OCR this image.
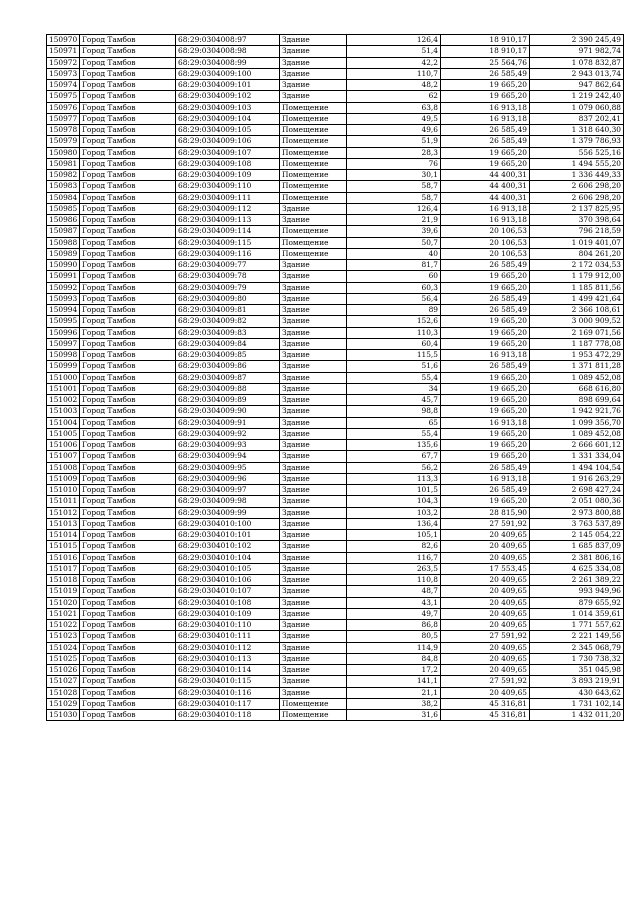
150970	Город Тамбов	68:29:0304008:97	Здание	126,4	18 910,17	2 390 245,49
150971	Город Тамбов	68:29:0304008:98	Здание	51,4	18 910,17	971 982,74
150972	Город Тамбов	68:29:0304008:99	Здание	42,2	25 564,76	1 078 832,87
150973	Город Тамбов	68:29:0304009:100	Здание	110,7	26 585,49	2 943 013,74
150974	Город Тамбов	68:29:0304009:101	Здание	48,2	19 665,20	947 862,64
150975	Город Тамбов	68:29:0304009:102	Здание	62	19 665,20	1 219 242,40
150976	Город Тамбов	68:29:0304009:103	Помещение	63,8	16 913,18	1 079 060,88
150977	Город Тамбов	68:29:0304009:104	Помещение	49,5	16 913,18	837 202,41
150978	Город Тамбов	68:29:0304009:105	Помещение	49,6	26 585,49	1 318 640,30
150979	Город Тамбов	68:29:0304009:106	Помещение	51,9	26 585,49	1 379 786,93
150980	Город Тамбов	68:29:0304009:107	Помещение	28,3	19 665,20	556 525,16
150981	Город Тамбов	68:29:0304009:108	Помещение	76	19 665,20	1 494 555,20
150982	Город Тамбов	68:29:0304009:109	Помещение	30,1	44 400,31	1 336 449,33
150983	Город Тамбов	68:29:0304009:110	Помещение	58,7	44 400,31	2 606 298,20
150984	Город Тамбов	68:29:0304009:111	Помещение	58,7	44 400,31	2 606 298,20
150985	Город Тамбов	68:29:0304009:112	Здание	126,4	16 913,18	2 137 825,95
150986	Город Тамбов	68:29:0304009:113	Здание	21,9	16 913,18	370 398,64
150987	Город Тамбов	68:29:0304009:114	Помещение	39,6	20 106,53	796 218,59
150988	Город Тамбов	68:29:0304009:115	Помещение	50,7	20 106,53	1 019 401,07
150989	Город Тамбов	68:29:0304009:116	Помещение	40	20 106,53	804 261,20
150990	Город Тамбов	68:29:0304009:77	Здание	81,7	26 585,49	2 172 034,53
150991	Город Тамбов	68:29:0304009:78	Здание	60	19 665,20	1 179 912,00
150992	Город Тамбов	68:29:0304009:79	Здание	60,3	19 665,20	1 185 811,56
150993	Город Тамбов	68:29:0304009:80	Здание	56,4	26 585,49	1 499 421,64
150994	Город Тамбов	68:29:0304009:81	Здание	89	26 585,49	2 366 108,61
150995	Город Тамбов	68:29:0304009:82	Здание	152,6	19 665,20	3 000 909,52
150996	Город Тамбов	68:29:0304009:83	Здание	110,3	19 665,20	2 169 071,56
150997	Город Тамбов	68:29:0304009:84	Здание	60,4	19 665,20	1 187 778,08
150998	Город Тамбов	68:29:0304009:85	Здание	115,5	16 913,18	1 953 472,29
150999	Город Тамбов	68:29:0304009:86	Здание	51,6	26 585,49	1 371 811,28
151000	Город Тамбов	68:29:0304009:87	Здание	55,4	19 665,20	1 089 452,08
151001	Город Тамбов	68:29:0304009:88	Здание	34	19 665,20	668 616,80
151002	Город Тамбов	68:29:0304009:89	Здание	45,7	19 665,20	898 699,64
151003	Город Тамбов	68:29:0304009:90	Здание	98,8	19 665,20	1 942 921,76
151004	Город Тамбов	68:29:0304009:91	Здание	65	16 913,18	1 099 356,70
151005	Город Тамбов	68:29:0304009:92	Здание	55,4	19 665,20	1 089 452,08
151006	Город Тамбов	68:29:0304009:93	Здание	135,6	19 665,20	2 666 601,12
151007	Город Тамбов	68:29:0304009:94	Здание	67,7	19 665,20	1 331 334,04
151008	Город Тамбов	68:29:0304009:95	Здание	56,2	26 585,49	1 494 104,54
151009	Город Тамбов	68:29:0304009:96	Здание	113,3	16 913,18	1 916 263,29
151010	Город Тамбов	68:29:0304009:97	Здание	101,5	26 585,49	2 698 427,24
151011	Город Тамбов	68:29:0304009:98	Здание	104,3	19 665,20	2 051 080,36
151012	Город Тамбов	68:29:0304009:99	Здание	103,2	28 815,90	2 973 800,88
151013	Город Тамбов	68:29:0304010:100	Здание	136,4	27 591,92	3 763 537,89
151014	Город Тамбов	68:29:0304010:101	Здание	105,1	20 409,65	2 145 054,22
151015	Город Тамбов	68:29:0304010:102	Здание	82,6	20 409,65	1 685 837,09
151016	Город Тамбов	68:29:0304010:104	Здание	116,7	20 409,65	2 381 806,16
151017	Город Тамбов	68:29:0304010:105	Здание	263,5	17 553,45	4 625 334,08
151018	Город Тамбов	68:29:0304010:106	Здание	110,8	20 409,65	2 261 389,22
151019	Город Тамбов	68:29:0304010:107	Здание	48,7	20 409,65	993 949,96
151020	Город Тамбов	68:29:0304010:108	Здание	43,1	20 409,65	879 655,92
151021	Город Тамбов	68:29:0304010:109	Здание	49,7	20 409,65	1 014 359,61
151022	Город Тамбов	68:29:0304010:110	Здание	86,8	20 409,65	1 771 557,62
151023	Город Тамбов	68:29:0304010:111	Здание	80,5	27 591,92	2 221 149,56
151024	Город Тамбов	68:29:0304010:112	Здание	114,9	20 409,65	2 345 068,79
151025	Город Тамбов	68:29:0304010:113	Здание	84,8	20 409,65	1 730 738,32
151026	Город Тамбов	68:29:0304010:114	Здание	17,2	20 409,65	351 045,98
151027	Город Тамбов	68:29:0304010:115	Здание	141,1	27 591,92	3 893 219,91
151028	Город Тамбов	68:29:0304010:116	Здание	21,1	20 409,65	430 643,62
151029	Город Тамбов	68:29:0304010:117	Помещение	38,2	45 316,81	1 731 102,14
151030	Город Тамбов	68:29:0304010:118	Помещение	31,6	45 316,81	1 432 011,20
